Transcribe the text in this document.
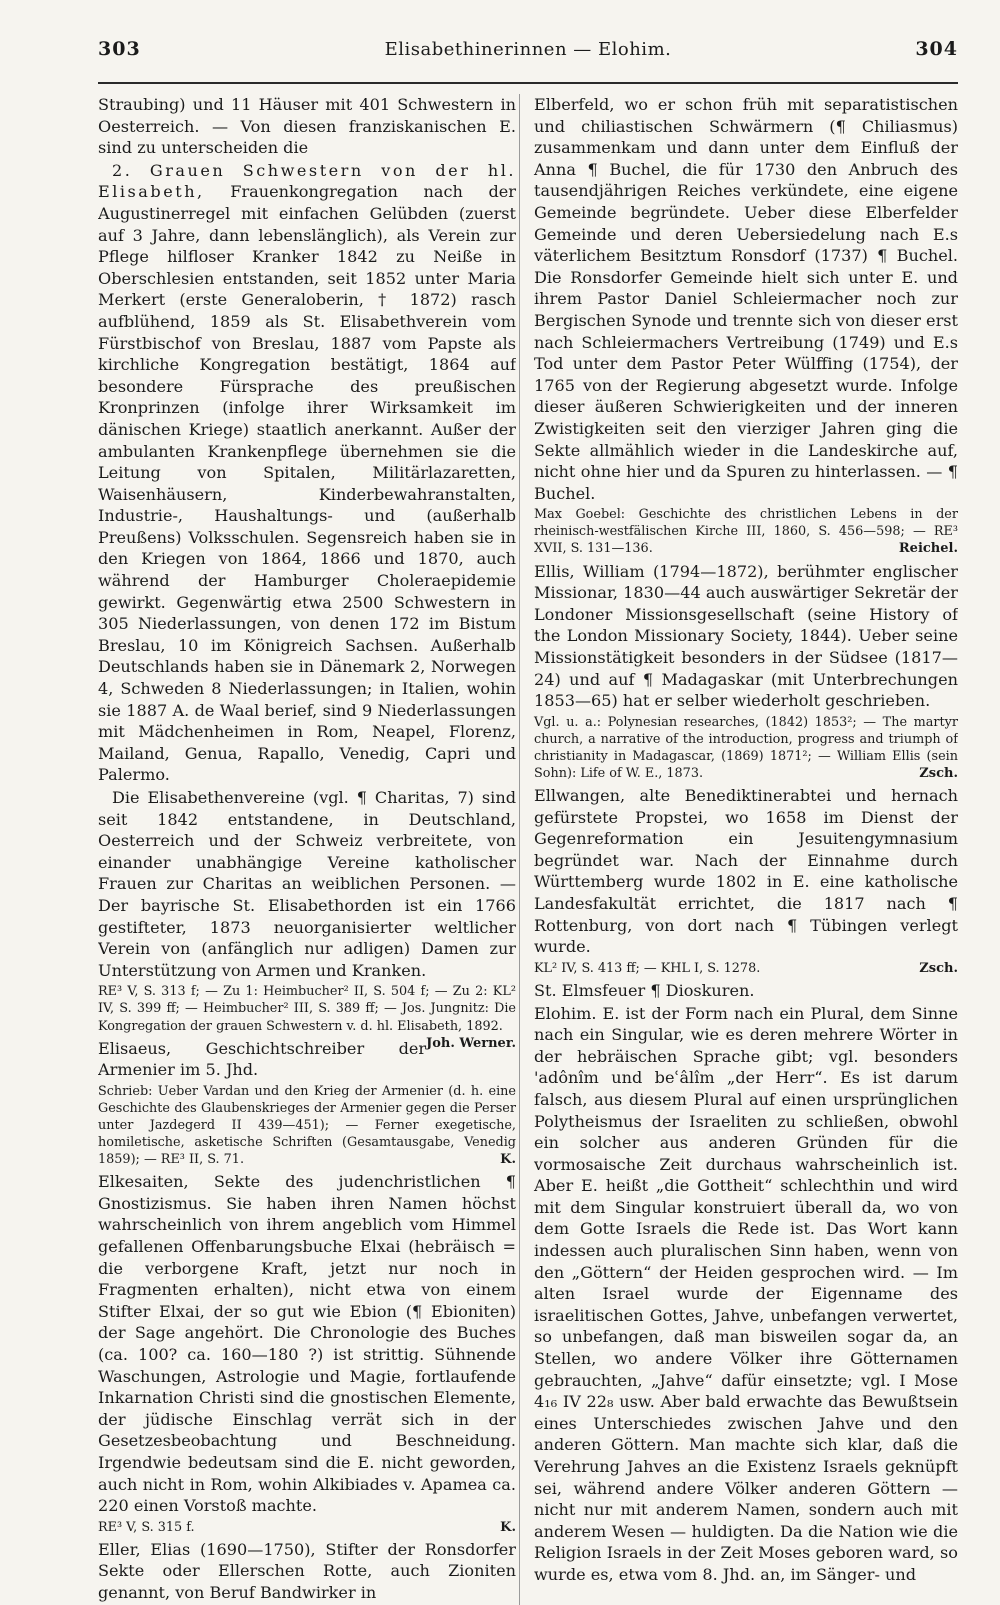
303	Elisabethinerinnen — Elohim.	304

Straubing) und 11 Häuser mit 401 Schwestern in Oesterreich. — Von diesen franziskanischen E. sind zu unterscheiden die

2. Grauen Schwestern von der hl. Elisabeth, Frauenkongregation nach der Augustinerregel mit einfachen Gelübden (zuerst auf 3 Jahre, dann lebenslänglich), als Verein zur Pflege hilfloser Kranker 1842 zu Neiße in Oberschlesien entstanden, seit 1852 unter Maria Merkert (erste Generaloberin, † 1872) rasch aufblühend, 1859 als St. Elisabethverein vom Fürstbischof von Breslau, 1887 vom Papste als kirchliche Kongregation bestätigt, 1864 auf besondere Fürsprache des preußischen Kronprinzen (infolge ihrer Wirksamkeit im dänischen Kriege) staatlich anerkannt. Außer der ambulanten Krankenpflege übernehmen sie die Leitung von Spitalen, Militärlazaretten, Waisenhäusern, Kinderbewahranstalten, Industrie-, Haushaltungs- und (außerhalb Preußens) Volksschulen. Segensreich haben sie in den Kriegen von 1864, 1866 und 1870, auch während der Hamburger Choleraepidemie gewirkt. Gegenwärtig etwa 2500 Schwestern in 305 Niederlassungen, von denen 172 im Bistum Breslau, 10 im Königreich Sachsen. Außerhalb Deutschlands haben sie in Dänemark 2, Norwegen 4, Schweden 8 Niederlassungen; in Italien, wohin sie 1887 A. de Waal berief, sind 9 Niederlassungen mit Mädchenheimen in Rom, Neapel, Florenz, Mailand, Genua, Rapallo, Venedig, Capri und Palermo.

Die Elisabethenvereine (vgl. ¶ Charitas, 7) sind seit 1842 entstandene, in Deutschland, Oesterreich und der Schweiz verbreitete, von einander unabhängige Vereine katholischer Frauen zur Charitas an weiblichen Personen. — Der bayrische St. Elisabethorden ist ein 1766 gestifteter, 1873 neuorganisierter weltlicher Verein von (anfänglich nur adligen) Damen zur Unterstützung von Armen und Kranken.

RE³ V, S. 313 f; — Zu 1: Heimbucher² II, S. 504 f; — Zu 2: KL² IV, S. 399 ff; — Heimbucher² III, S. 389 ff; — Jos. Jungnitz: Die Kongregation der grauen Schwestern v. d. hl. Elisabeth, 1892.
Joh. Werner.

Elisaeus, Geschichtschreiber der Armenier im 5. Jhd.

Schrieb: Ueber Vardan und den Krieg der Armenier (d. h. eine Geschichte des Glaubenskrieges der Armenier gegen die Perser unter Jazdegerd II 439—451); — Ferner exegetische, homiletische, asketische Schriften (Gesamtausgabe, Venedig 1859); — RE³ II, S. 71.	K.

Elkesaiten, Sekte des judenchristlichen ¶ Gnostizismus. Sie haben ihren Namen höchst wahrscheinlich von ihrem angeblich vom Himmel gefallenen Offenbarungsbuche Elxai (hebräisch = die verborgene Kraft, jetzt nur noch in Fragmenten erhalten), nicht etwa von einem Stifter Elxai, der so gut wie Ebion (¶ Ebioniten) der Sage angehört. Die Chronologie des Buches (ca. 100? ca. 160—180 ?) ist strittig. Sühnende Waschungen, Astrologie und Magie, fortlaufende Inkarnation Christi sind die gnostischen Elemente, der jüdische Einschlag verrät sich in der Gesetzesbeobachtung und Beschneidung. Irgendwie bedeutsam sind die E. nicht geworden, auch nicht in Rom, wohin Alkibiades v. Apamea ca. 220 einen Vorstoß machte.

RE³ V, S. 315 f.	K.

Eller, Elias (1690—1750), Stifter der Ronsdorfer Sekte oder Ellerschen Rotte, auch Zioniten genannt, von Beruf Bandwirker in

Elberfeld, wo er schon früh mit separatistischen und chiliastischen Schwärmern (¶ Chiliasmus) zusammenkam und dann unter dem Einfluß der Anna ¶ Buchel, die für 1730 den Anbruch des tausendjährigen Reiches verkündete, eine eigene Gemeinde begründete. Ueber diese Elberfelder Gemeinde und deren Uebersiedelung nach E.s väterlichem Besitztum Ronsdorf (1737) ¶ Buchel. Die Ronsdorfer Gemeinde hielt sich unter E. und ihrem Pastor Daniel Schleiermacher noch zur Bergischen Synode und trennte sich von dieser erst nach Schleiermachers Vertreibung (1749) und E.s Tod unter dem Pastor Peter Wülffing (1754), der 1765 von der Regierung abgesetzt wurde. Infolge dieser äußeren Schwierigkeiten und der inneren Zwistigkeiten seit den vierziger Jahren ging die Sekte allmählich wieder in die Landeskirche auf, nicht ohne hier und da Spuren zu hinterlassen. — ¶ Buchel.

Max Goebel: Geschichte des christlichen Lebens in der rheinisch-westfälischen Kirche III, 1860, S. 456—598; — RE³ XVII, S. 131—136.	Reichel.

Ellis, William (1794—1872), berühmter englischer Missionar, 1830—44 auch auswärtiger Sekretär der Londoner Missionsgesellschaft (seine History of the London Missionary Society, 1844). Ueber seine Missionstätigkeit besonders in der Südsee (1817—24) und auf ¶ Madagaskar (mit Unterbrechungen 1853—65) hat er selber wiederholt geschrieben.

Vgl. u. a.: Polynesian researches, (1842) 1853²; — The martyr church, a narrative of the introduction, progress and triumph of christianity in Madagascar, (1869) 1871²; — William Ellis (sein Sohn): Life of W. E., 1873.	Zsch.

Ellwangen, alte Benediktinerabtei und hernach gefürstete Propstei, wo 1658 im Dienst der Gegenreformation ein Jesuitengymnasium begründet war. Nach der Einnahme durch Württemberg wurde 1802 in E. eine katholische Landesfakultät errichtet, die 1817 nach ¶ Rottenburg, von dort nach ¶ Tübingen verlegt wurde.

KL² IV, S. 413 ff; — KHL I, S. 1278.	Zsch.

St. Elmsfeuer ¶ Dioskuren.

Elohim. E. ist der Form nach ein Plural, dem Sinne nach ein Singular, wie es deren mehrere Wörter in der hebräischen Sprache gibt; vgl. besonders 'adônîm und beʿâlîm „der Herr“. Es ist darum falsch, aus diesem Plural auf einen ursprünglichen Polytheismus der Israeliten zu schließen, obwohl ein solcher aus anderen Gründen für die vormosaische Zeit durchaus wahrscheinlich ist. Aber E. heißt „die Gottheit“ schlechthin und wird mit dem Singular konstruiert überall da, wo von dem Gotte Israels die Rede ist. Das Wort kann indessen auch pluralischen Sinn haben, wenn von den „Göttern“ der Heiden gesprochen wird. — Im alten Israel wurde der Eigenname des israelitischen Gottes, Jahve, unbefangen verwertet, so unbefangen, daß man bisweilen sogar da, an Stellen, wo andere Völker ihre Götternamen gebrauchten, „Jahve“ dafür einsetzte; vgl. I Mose 4₁₆ IV 22₈ usw. Aber bald erwachte das Bewußtsein eines Unterschiedes zwischen Jahve und den anderen Göttern. Man machte sich klar, daß die Verehrung Jahves an die Existenz Israels geknüpft sei, während andere Völker anderen Göttern — nicht nur mit anderem Namen, sondern auch mit anderem Wesen — huldigten. Da die Nation wie die Religion Israels in der Zeit Moses geboren ward, so wurde es, etwa vom 8. Jhd. an, im Sänger- und
